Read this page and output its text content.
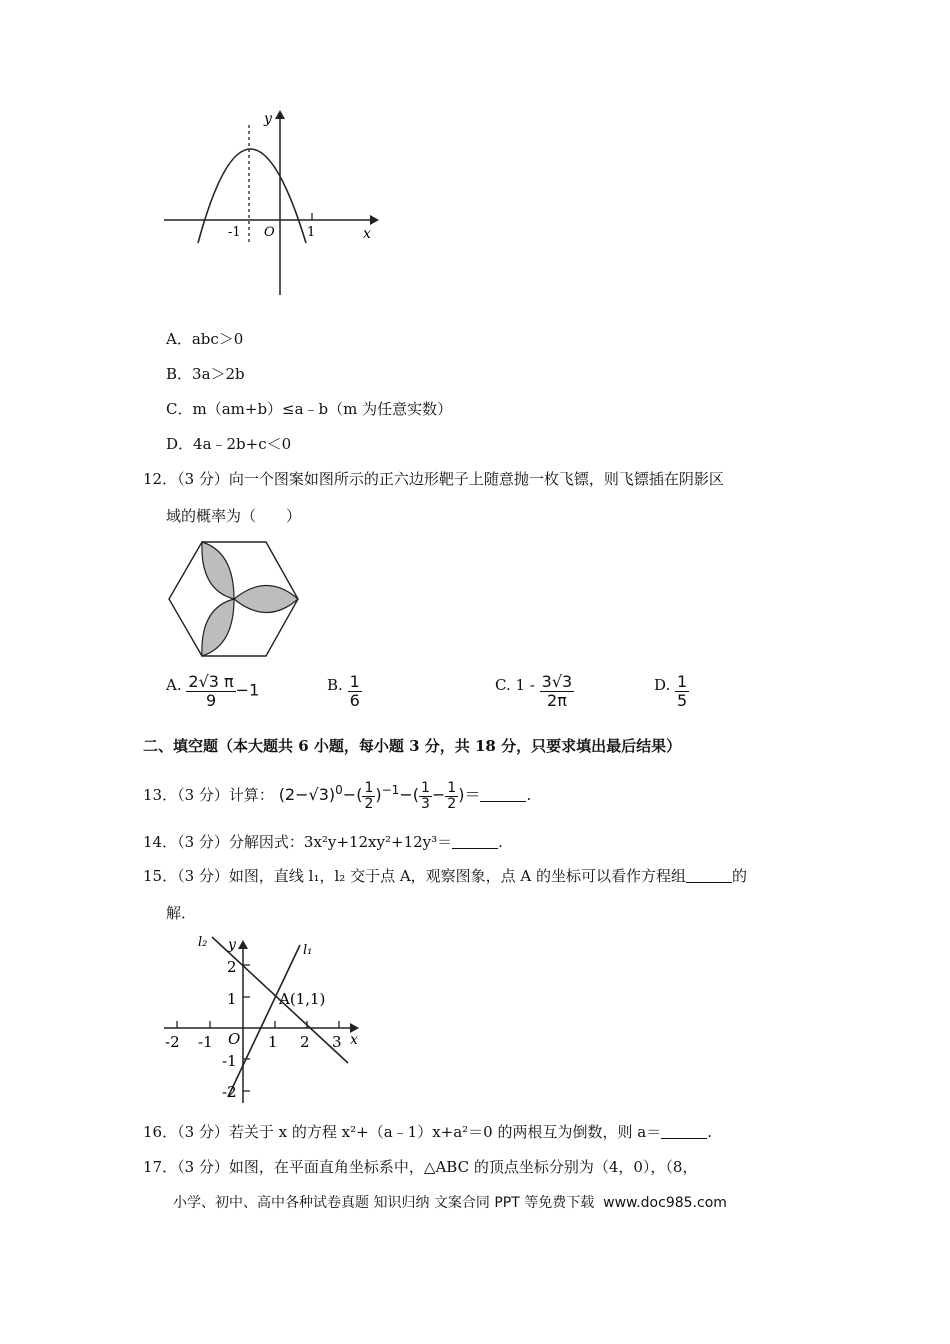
y
x
O
-1	1
A．abc＞0
B．3a＞2b
C．m（am+b）≤a﹣b（m 为任意实数）
D．4a﹣2b+c＜0
12．（3 分）向一个图案如图所示的正六边形靶子上随意抛一枚飞镖，则飞镖插在阴影区
域的概率为（　　）
A. $\frac{2√3 \pi}{9} -1$	B. $\frac{1}{6}$	C. $1 - \frac{3√3}{2\pi}$	D. $\frac{1}{5}$
二、填空题（本大题共 6 小题，每小题 3 分，共 18 分，只要求填出最后结果）
13．（3 分）计算： $(2-√3)^0-( \frac{1}{2} )^{-1}-( \frac{1}{3} - \frac{1}{2}$ )＝	.
14．（3 分）分解因式：3x²y+12xy²+12y³＝	.
15．（3 分）如图，直线 l₁，l₂ 交于点 A，观察图象，点 A 的坐标可以看作方程组	的
解．
l₂
l₁
y
x
O
A(1,1)
-2 -1	1 2 3
2
1
-1
-2
16．（3 分）若关于 x 的方程 x²+（a﹣1）x+a²＝0 的两根互为倒数，则 a＝	.
17．（3 分）如图，在平面直角坐标系中，△ABC 的顶点坐标分别为（4，0），（8，
小学、初中、高中各种试卷真题 知识归纳 文案合同 PPT 等免费下载 www.doc985.com
